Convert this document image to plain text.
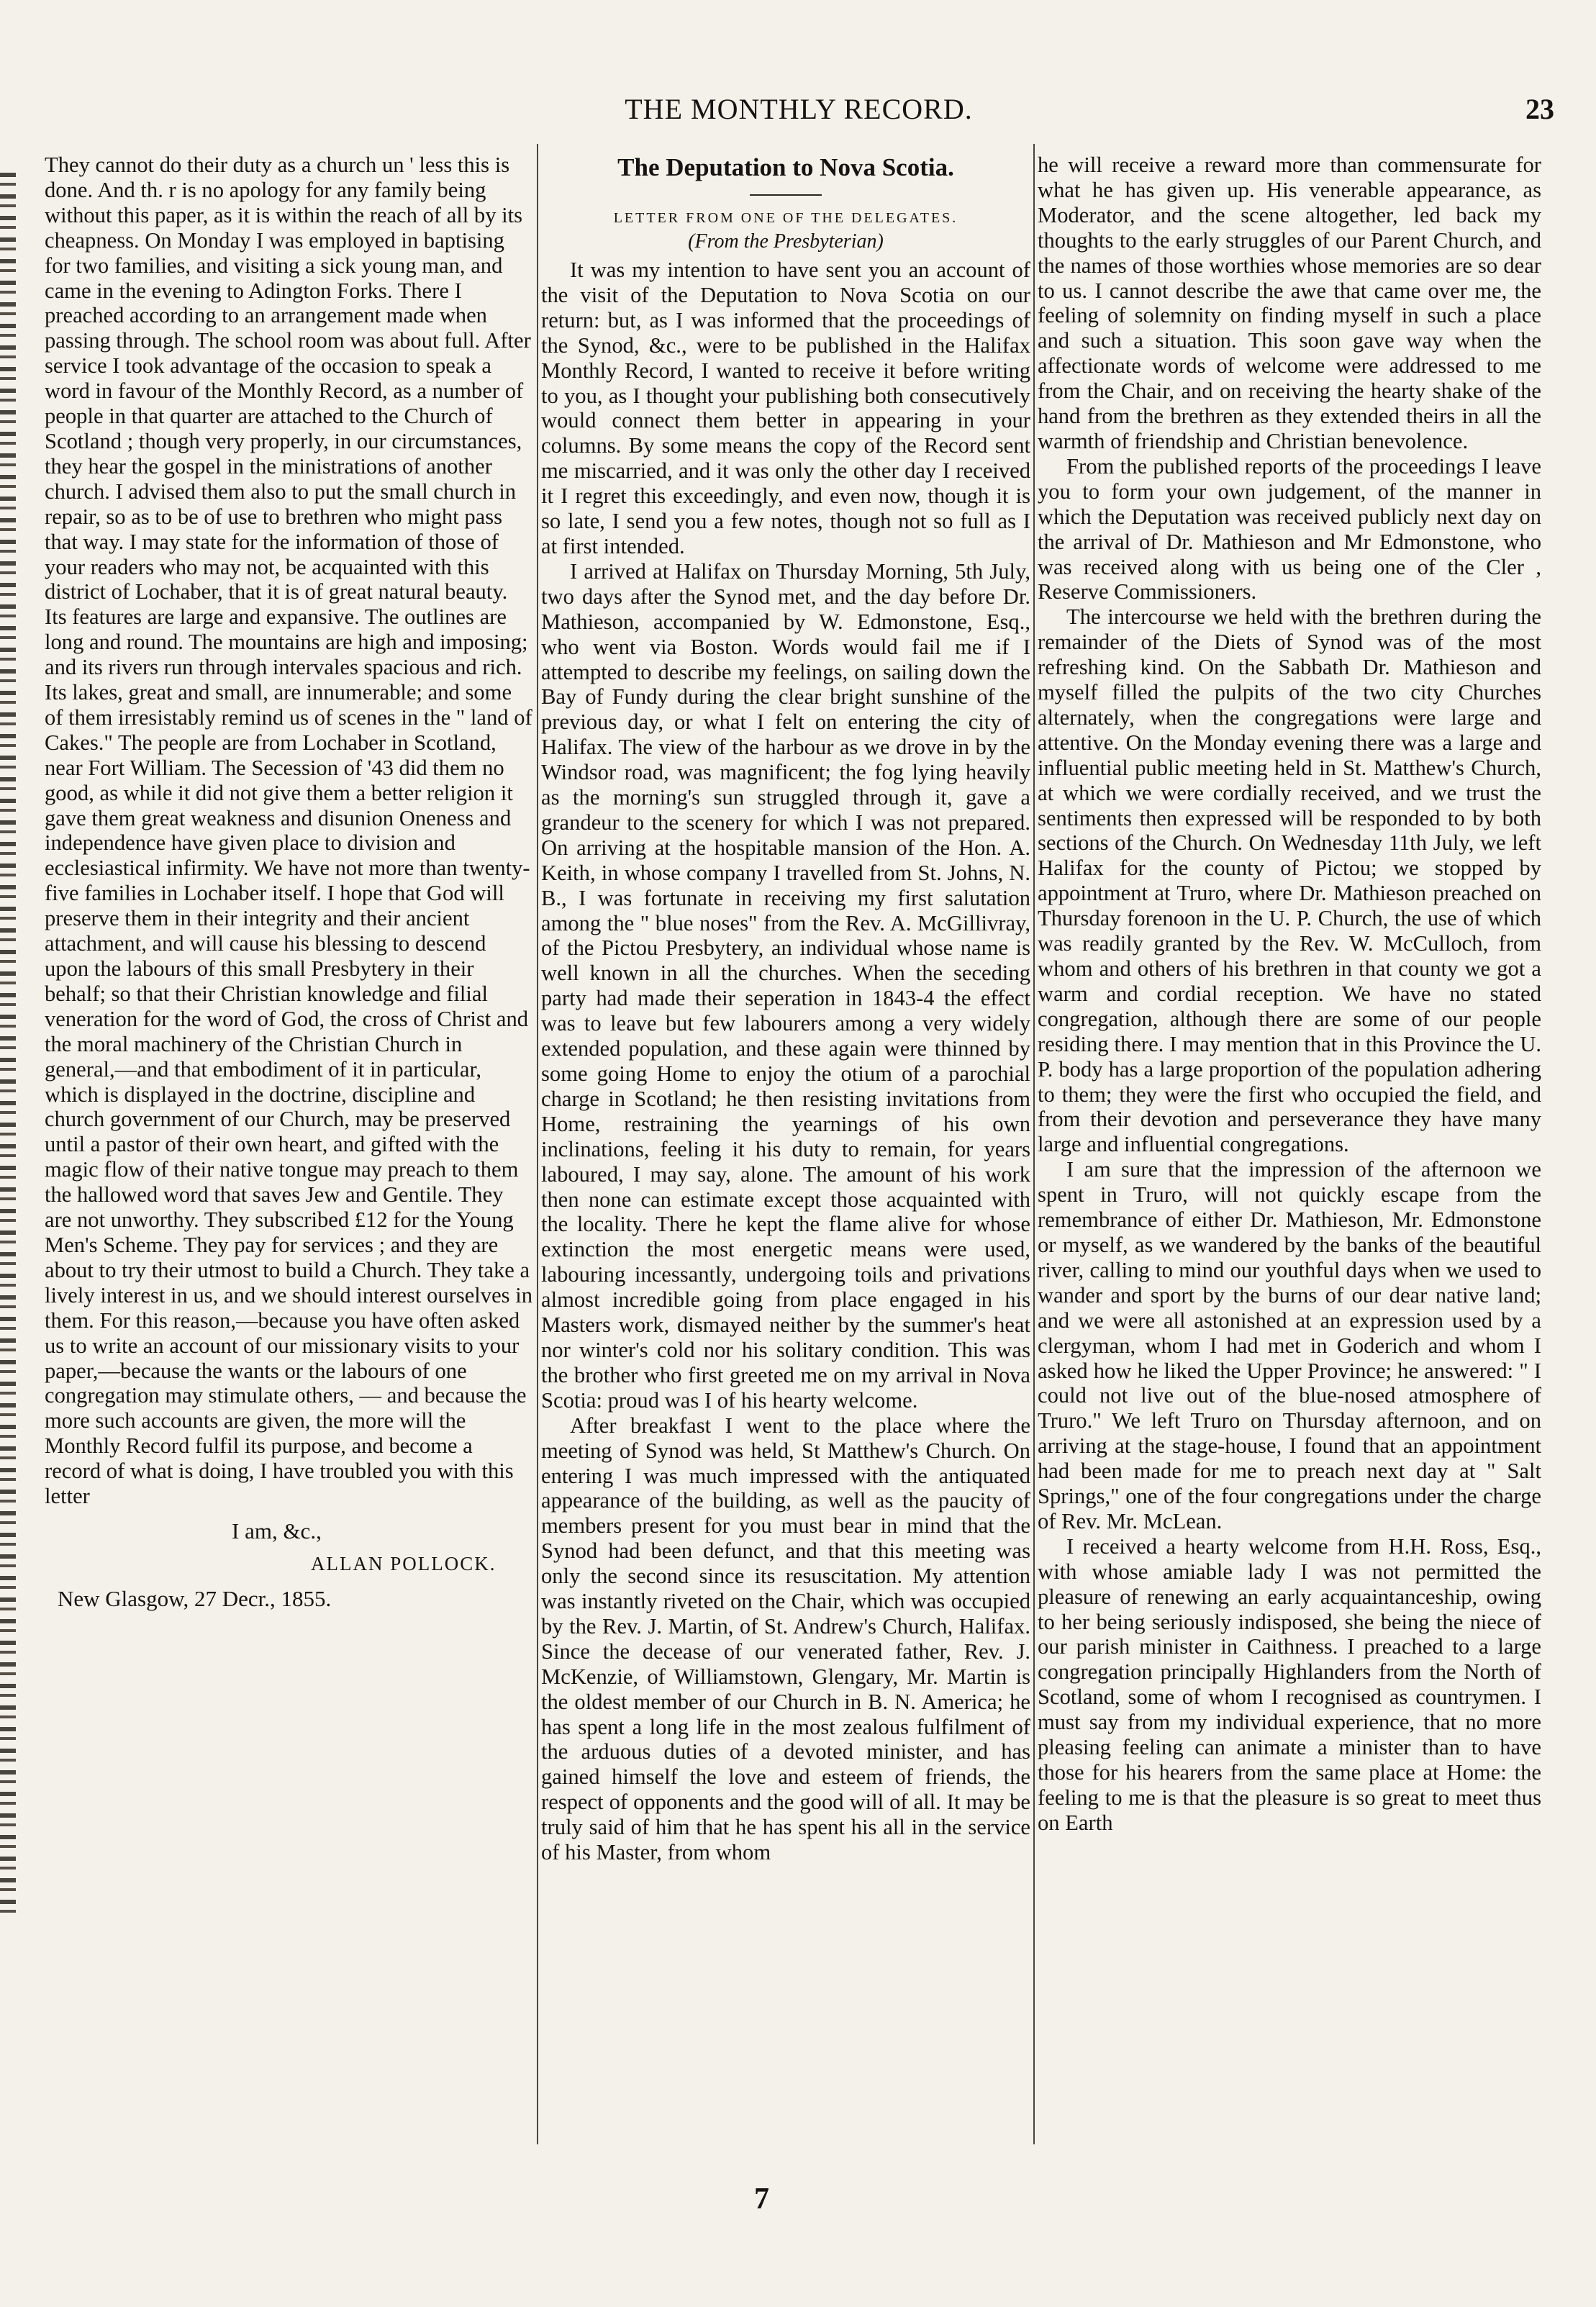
THE MONTHLY RECORD.	23

They cannot do their duty as a church un ' less this is done. And th. r is no apology for any family being without this paper, as it is within the reach of all by its cheapness. On Monday I was employed in baptising for two families, and visiting a sick young man, and came in the evening to Adington Forks. There I preached according to an arrangement made when passing through. The school room was about full. After service I took advantage of the occasion to speak a word in favour of the Monthly Record, as a number of people in that quarter are attached to the Church of Scotland ; though very properly, in our circumstances, they hear the gospel in the ministrations of another church. I advised them also to put the small church in repair, so as to be of use to brethren who might pass that way. I may state for the information of those of your readers who may not, be acquainted with this district of Lochaber, that it is of great natural beauty. Its features are large and expansive. The outlines are long and round. The mountains are high and imposing; and its rivers run through intervales spacious and rich. Its lakes, great and small, are innumerable; and some of them irresistably remind us of scenes in the " land of Cakes." The people are from Lochaber in Scotland, near Fort William. The Secession of '43 did them no good, as while it did not give them a better religion it gave them great weakness and disunion Oneness and independence have given place to division and ecclesiastical infirmity. We have not more than twenty-five families in Lochaber itself. I hope that God will preserve them in their integrity and their ancient attachment, and will cause his blessing to descend upon the labours of this small Presbytery in their behalf; so that their Christian knowledge and filial veneration for the word of God, the cross of Christ and the moral machinery of the Christian Church in general,—and that embodiment of it in particular, which is displayed in the doctrine, discipline and church government of our Church, may be preserved until a pastor of their own heart, and gifted with the magic flow of their native tongue may preach to them the hallowed word that saves Jew and Gentile. They are not unworthy. They subscribed £12 for the Young Men's Scheme. They pay for services ; and they are about to try their utmost to build a Church. They take a lively interest in us, and we should interest ourselves in them. For this reason,—because you have often asked us to write an account of our missionary visits to your paper,—because the wants or the labours of one congregation may stimulate others, — and because the more such accounts are given, the more will the Monthly Record fulfil its purpose, and become a record of what is doing, I have troubled you with this letter

I am, &c.,
ALLAN POLLOCK.
New Glasgow, 27 Decr., 1855.
The Deputation to Nova Scotia.
LETTER FROM ONE OF THE DELEGATES.
(From the Presbyterian)

It was my intention to have sent you an account of the visit of the Deputation to Nova Scotia on our return: but, as I was informed that the proceedings of the Synod, &c., were to be published in the Halifax Monthly Record, I wanted to receive it before writing to you, as I thought your publishing both consecutively would connect them better in appearing in your columns. By some means the copy of the Record sent me miscarried, and it was only the other day I received it I regret this exceedingly, and even now, though it is so late, I send you a few notes, though not so full as I at first intended.

I arrived at Halifax on Thursday Morning, 5th July, two days after the Synod met, and the day before Dr. Mathieson, accompanied by W. Edmonstone, Esq., who went via Boston. Words would fail me if I attempted to describe my feelings, on sailing down the Bay of Fundy during the clear bright sunshine of the previous day, or what I felt on entering the city of Halifax. The view of the harbour as we drove in by the Windsor road, was magnificent; the fog lying heavily as the morning's sun struggled through it, gave a grandeur to the scenery for which I was not prepared. On arriving at the hospitable mansion of the Hon. A. Keith, in whose company I travelled from St. Johns, N. B., I was fortunate in receiving my first salutation among the " blue noses" from the Rev. A. McGillivray, of the Pictou Presbytery, an individual whose name is well known in all the churches. When the seceding party had made their seperation in 1843-4 the effect was to leave but few labourers among a very widely extended population, and these again were thinned by some going Home to enjoy the otium of a parochial charge in Scotland; he then resisting invitations from Home, restraining the yearnings of his own inclinations, feeling it his duty to remain, for years laboured, I may say, alone. The amount of his work then none can estimate except those acquainted with the locality. There he kept the flame alive for whose extinction the most energetic means were used, labouring incessantly, undergoing toils and privations almost incredible going from place engaged in his Masters work, dismayed neither by the summer's heat nor winter's cold nor his solitary condition. This was the brother who first greeted me on my arrival in Nova Scotia: proud was I of his hearty welcome.

After breakfast I went to the place where the meeting of Synod was held, St Matthew's Church. On entering I was much impressed with the antiquated appearance of the building, as well as the paucity of members present for you must bear in mind that the Synod had been defunct, and that this meeting was only the second since its resuscitation. My attention was instantly riveted on the Chair, which was occupied by the Rev. J. Martin, of St. Andrew's Church, Halifax. Since the decease of our venerated father, Rev. J. McKenzie, of Williamstown, Glengary, Mr. Martin is the oldest member of our Church in B. N. America; he has spent a long life in the most zealous fulfilment of the arduous duties of a devoted minister, and has gained himself the love and esteem of friends, the respect of opponents and the good will of all. It may be truly said of him that he has spent his all in the service of his Master, from whom

he will receive a reward more than commensurate for what he has given up. His venerable appearance, as Moderator, and the scene altogether, led back my thoughts to the early struggles of our Parent Church, and the names of those worthies whose memories are so dear to us. I cannot describe the awe that came over me, the feeling of solemnity on finding myself in such a place and such a situation. This soon gave way when the affectionate words of welcome were addressed to me from the Chair, and on receiving the hearty shake of the hand from the brethren as they extended theirs in all the warmth of friendship and Christian benevolence.

From the published reports of the proceedings I leave you to form your own judgement, of the manner in which the Deputation was received publicly next day on the arrival of Dr. Mathieson and Mr Edmonstone, who was received along with us being one of the Cler , Reserve Commissioners.

The intercourse we held with the brethren during the remainder of the Diets of Synod was of the most refreshing kind. On the Sabbath Dr. Mathieson and myself filled the pulpits of the two city Churches alternately, when the congregations were large and attentive. On the Monday evening there was a large and influential public meeting held in St. Matthew's Church, at which we were cordially received, and we trust the sentiments then expressed will be responded to by both sections of the Church. On Wednesday 11th July, we left Halifax for the county of Pictou; we stopped by appointment at Truro, where Dr. Mathieson preached on Thursday forenoon in the U. P. Church, the use of which was readily granted by the Rev. W. McCulloch, from whom and others of his brethren in that county we got a warm and cordial reception. We have no stated congregation, although there are some of our people residing there. I may mention that in this Province the U. P. body has a large proportion of the population adhering to them; they were the first who occupied the field, and from their devotion and perseverance they have many large and influential congregations.

I am sure that the impression of the afternoon we spent in Truro, will not quickly escape from the remembrance of either Dr. Mathieson, Mr. Edmonstone or myself, as we wandered by the banks of the beautiful river, calling to mind our youthful days when we used to wander and sport by the burns of our dear native land; and we were all astonished at an expression used by a clergyman, whom I had met in Goderich and whom I asked how he liked the Upper Province; he answered: " I could not live out of the blue-nosed atmosphere of Truro." We left Truro on Thursday afternoon, and on arriving at the stage-house, I found that an appointment had been made for me to preach next day at " Salt Springs," one of the four congregations under the charge of Rev. Mr. McLean.

I received a hearty welcome from H.H. Ross, Esq., with whose amiable lady I was not permitted the pleasure of renewing an early acquaintanceship, owing to her being seriously indisposed, she being the niece of our parish minister in Caithness. I preached to a large congregation principally Highlanders from the North of Scotland, some of whom I recognised as countrymen. I must say from my individual experience, that no more pleasing feeling can animate a minister than to have those for his hearers from the same place at Home: the feeling to me is that the pleasure is so great to meet thus on Earth

7
